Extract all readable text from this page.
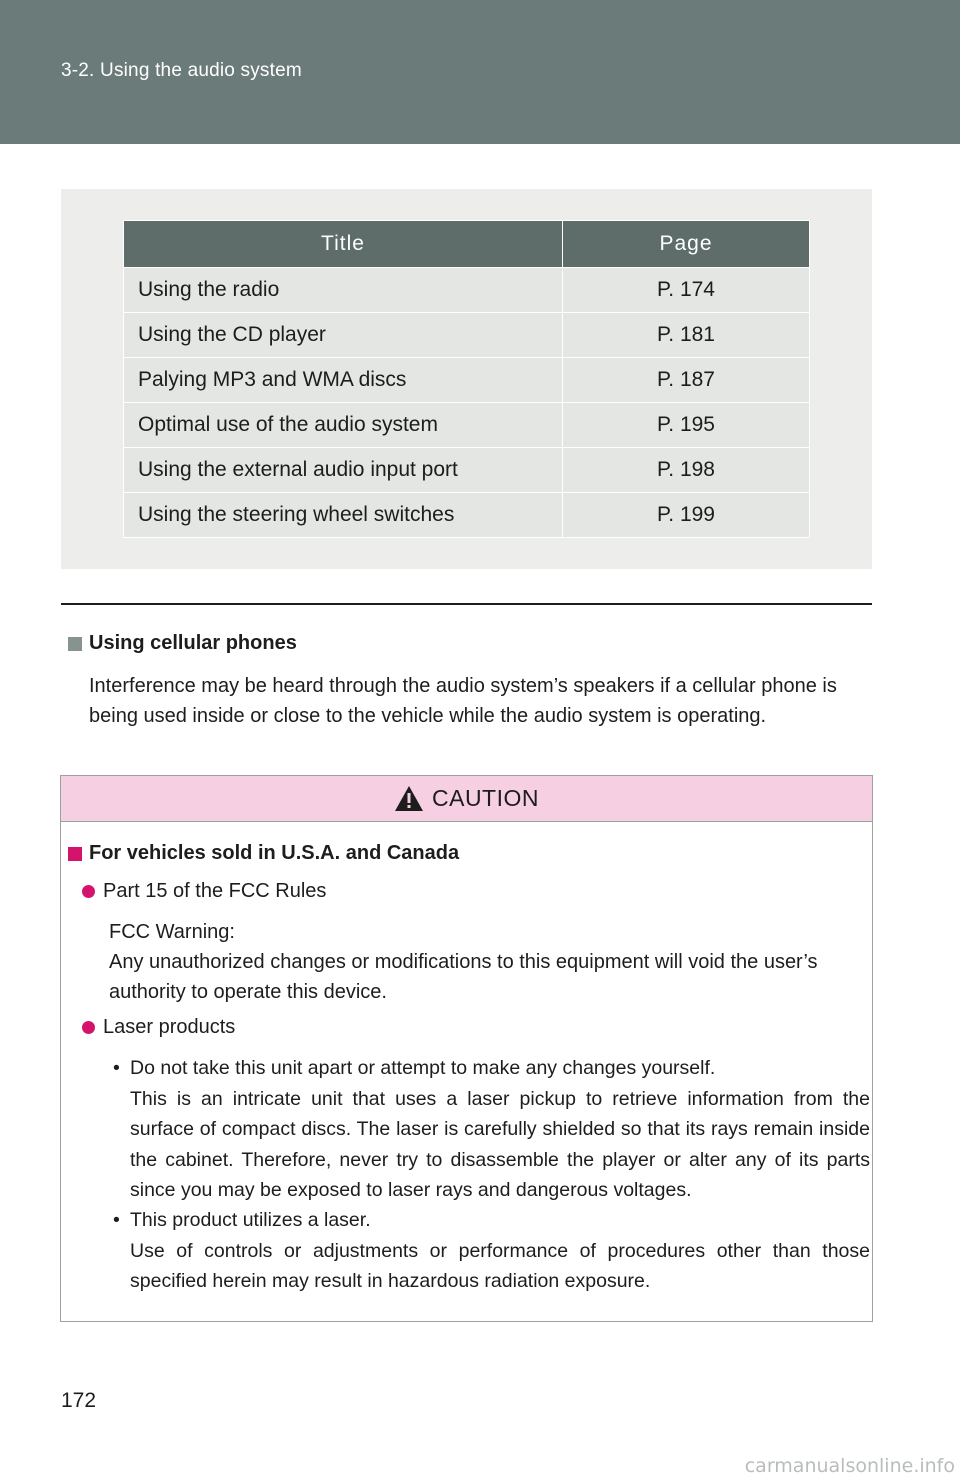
3-2. Using the audio system
Title	Page
Using the radio	P. 174
Using the CD player	P. 181
Palying MP3 and WMA discs	P. 187
Optimal use of the audio system	P. 195
Using the external audio input port	P. 198
Using the steering wheel switches	P. 199
Using cellular phones
Interference may be heard through the audio system’s speakers if a cellular phone is being used inside or close to the vehicle while the audio system is operating.
CAUTION
For vehicles sold in U.S.A. and Canada
Part 15 of the FCC Rules
FCC Warning:
Any unauthorized changes or modifications to this equipment will void the user’s authority to operate this device.
Laser products
• Do not take this unit apart or attempt to make any changes yourself.
This is an intricate unit that uses a laser pickup to retrieve information from the surface of compact discs. The laser is carefully shielded so that its rays remain inside the cabinet. Therefore, never try to disassemble the player or alter any of its parts since you may be exposed to laser rays and dangerous voltages.
• This product utilizes a laser.
Use of controls or adjustments or performance of procedures other than those specified herein may result in hazardous radiation exposure.
172
carmanualsonline.info
